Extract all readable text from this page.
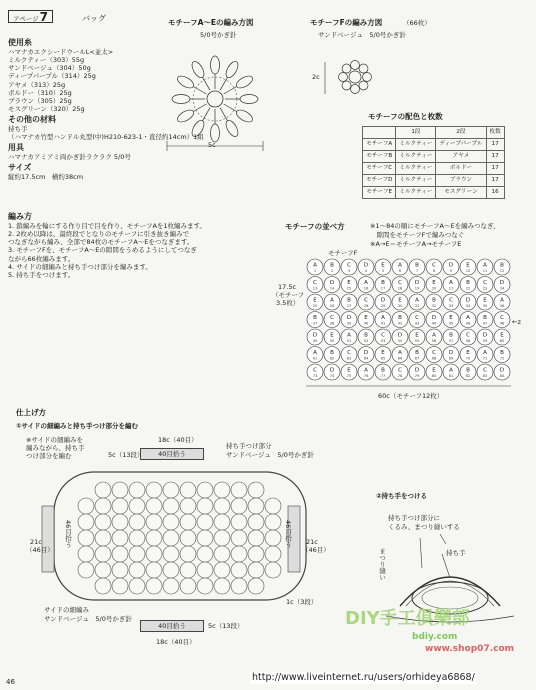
アページ 7	バッグ
使用糸
ハマナカエクシードウールL<並太>
ミルクティー（303）55g
サンドベージュ（304）50g
ディープパープル（314）25g
アヤメ（313）25g
ボルドー（310）25g
ブラウン（305）25g
モスグリーン（320）25g
その他の材料
持ち手
（ハマナカ竹型ハンドル丸型(中)H210-623-1・直径約14cm）1組
用具
ハマナカアミアミ両かぎ針ラクラク 5/0号
サイズ
縦約17.5cm　横約38cm
編み方
1. 鎖編みを輪にする作り目で目を作り、モチーフAを1枚編みます。
2. 2枚め以降は、最終段でとなりのモチーフに引き抜き編みで
つなぎながら編み、全部で84枚のモチーフA〜Eをつなぎます。
3. モチーフFを、モチーフA〜Eの隙間をうめるようにしてつなぎ
ながら66枚編みます。
4. サイドの細編みと持ち手つけ部分を編みます。
5. 持ち手をつけます。
モチーフA〜Eの編み方図
5/0号かぎ針
5c
モチーフFの編み方図	（66枚）
サンドベージュ　5/0号かぎ針
2c
モチーフの配色と枚数
	1段	2段	枚数
モチーフA	ミルクティー	ディープパープル	17
モチーフB	ミルクティー	アヤメ	17
モチーフC	ミルクティー	ボルドー	17
モチーフD	ミルクティー	ブラウン	17
モチーフE	ミルクティー	モスグリーン	16
モチーフの並べ方	※1〜84の順にモチーフA〜Eを編みつなぎ、
　隙間をモチーフFで編みつなぐ
※A→E＝モチーフA→モチーフE
モチーフF
17.5c
（モチーフ
3.5枚）
A
1
B
2
C
3
D
4
E
5
A
6
B
7
C
8
D
9
E
10
A
11
B
12
C
13
D
14
E
15
A
16
B
17
C
18
D
19
E
20
A
21
B
22
C
23
D
24
E
25
A
26
B
27
C
28
D
29
E
30
A
31
B
32
C
33
D
34
E
35
A
36
B
37
C
38
D
39
E
40
A
41
B
42
C
43
D
44
E
45
A
46
B
47
C
48
D
49
E
50
A
51
B
52
C
53
D
54
E
55
A
56
B
57
C
58
D
59
E
60
A
61
B
62
C
63
D
64
E
65
A
66
B
67
C
68
D
69
E
70
A
71
B
72
C
73
D
74
E
75
A
76
B
77
C
78
D
79
E
80
A
81
B
82
C
83
D
84
←z
60c（モチーフ12枚）
仕上げ方
①サイドの細編みと持ち手つけ部分を編む
※サイドの細編みを
編みながら、持ち手
つけ部分を編む
18c（40目）
40目拾う
5c（13段）
持ち手つけ部分
サンドベージュ　5/0号かぎ針
21c
（46目）
46目拾う	46目拾う 21c
（46目）
1c（3段）
サイドの細編み
サンドベージュ　5/0号かぎ針
40目拾う	5c（13段）
18c（40目）
②持ち手をつける
持ち手つけ部分に
くるみ、まつり縫いする
持ち手
まつり縫い
DIY手工俱樂部
bdiy.com
www.shop07.com
46	http://www.liveinternet.ru/users/orhideya6868/
